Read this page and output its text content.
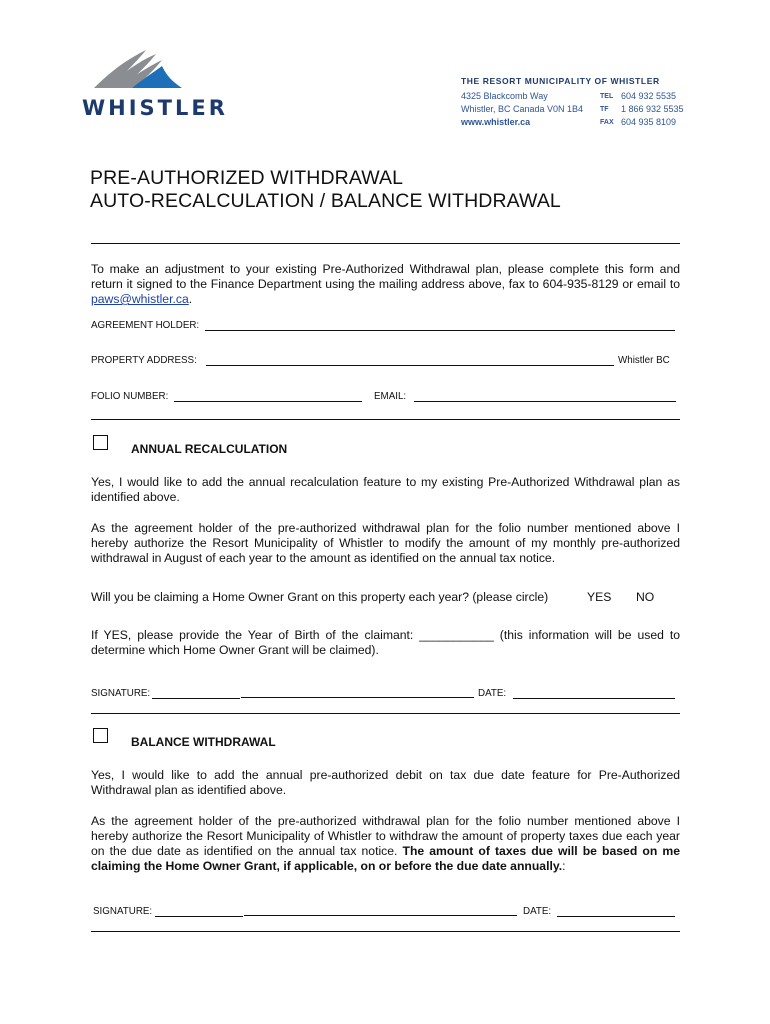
WHISTLER
THE RESORT MUNICIPALITY OF WHISTLER
4325 Blackcomb Way	TEL 604 932 5535
Whistler, BC Canada V0N 1B4 TF 1 866 932 5535
www.whistler.ca	FAX 604 935 8109
PRE-AUTHORIZED WITHDRAWAL
AUTO-RECALCULATION / BALANCE WITHDRAWAL
To make an adjustment to your existing Pre-Authorized Withdrawal plan, please complete this form and return it signed to the Finance Department using the mailing address above, fax to 604-935-8129 or email to paws@whistler.ca.
AGREEMENT HOLDER:
PROPERTY ADDRESS:	Whistler BC
FOLIO NUMBER:	EMAIL:
ANNUAL RECALCULATION
Yes, I would like to add the annual recalculation feature to my existing Pre-Authorized Withdrawal plan as identified above.
As the agreement holder of the pre-authorized withdrawal plan for the folio number mentioned above I hereby authorize the Resort Municipality of Whistler to modify the amount of my monthly pre-authorized withdrawal in August of each year to the amount as identified on the annual tax notice.
Will you be claiming a Home Owner Grant on this property each year? (please circle)	YES NO
If YES, please provide the Year of Birth of the claimant: ___________ (this information will be used to determine which Home Owner Grant will be claimed).
SIGNATURE:	DATE:
BALANCE WITHDRAWAL
Yes, I would like to add the annual pre-authorized debit on tax due date feature for Pre-Authorized Withdrawal plan as identified above.
As the agreement holder of the pre-authorized withdrawal plan for the folio number mentioned above I hereby authorize the Resort Municipality of Whistler to withdraw the amount of property taxes due each year on the due date as identified on the annual tax notice. The amount of taxes due will be based on me claiming the Home Owner Grant, if applicable, on or before the due date annually.:
SIGNATURE:	DATE:
